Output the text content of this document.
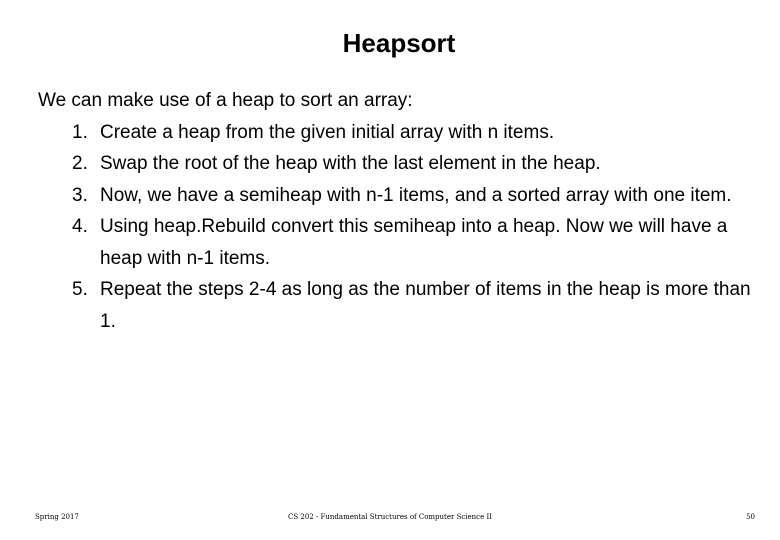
Heapsort

We can make use of a heap to sort an array:

1. Create a heap from the given initial array with n items.
2. Swap the root of the heap with the last element in the heap.
3. Now, we have a semiheap with n-1 items, and a sorted array with one item.
4. Using heap.Rebuild convert this semiheap into a heap. Now we will have a heap with n-1 items.
5. Repeat the steps 2-4 as long as the number of items in the heap is more than 1.
Spring 2017	CS 202 - Fundamental Structures of Computer Science II	50
